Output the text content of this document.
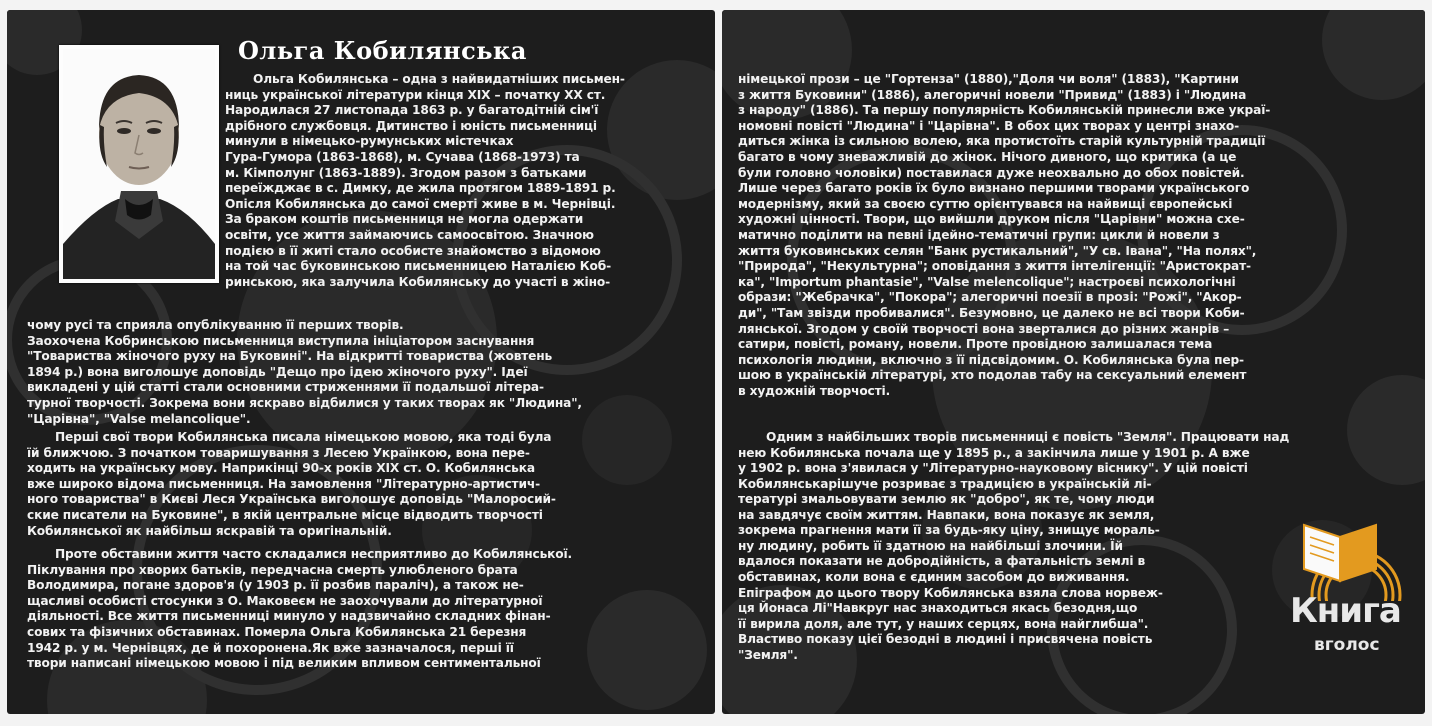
Ольга Кобилянська

Ольга Кобилянська – одна з найвидатніших письмен-
ниць української літератури кінця ХІХ – початку ХХ ст.
Народилася 27 листопада 1863 р. у багатодітній сім'ї
дрібного службовця. Дитинство і юність письменниці
минули в німецько-румунських містечках
Гура-Гумора (1863-1868), м. Сучава (1868-1973) та
м. Кімполунг (1863-1889). Згодом разом з батьками
переїжджає в с. Димку, де жила протягом 1889-1891 р.
Опісля Кобилянська до самої смерті живе в м. Чернівці.
За браком коштів письменниця не могла одержати
освіти, усе життя займаючись самоосвітою. Значною
подією в її житі стало особисте знайомство з відомою
на той час буковинською письменницею Наталією Коб-
ринською, яка залучила Кобилянську до участі в жіно-

чому русі та сприяла опублікуванню її перших творів.
Заохочена Кобринською письменниця виступила ініціатором заснування
"Товариства жіночого руху на Буковині". На відкритті товариства (жовтень
1894 р.) вона виголошує доповідь "Дещо про ідею жіночого руху". Ідеї
викладені у цій статті стали основними стриженнями її подальшої літера-
турної творчості. Зокрема вони яскраво відбилися у таких творах як "Людина",
"Царівна", "Valse melancolique".

Перші свої твори Кобилянська писала німецькою мовою, яка тоді була
їй ближчою. З початком товаришування з Лесею Українкою, вона пере-
ходить на українську мову. Наприкінці 90-х років ХІХ ст. О. Кобилянська
вже широко відома письменниця. На замовлення "Літературно-артистич-
ного товариства" в Києві Леся Українська виголошує доповідь "Малоросий-
ские писатели на Буковине", в якій центральне місце відводить творчості
Кобилянської як найбільш яскравій та оригінальній.

Проте обставини життя часто складалися несприятливо до Кобилянської.
Піклування про хворих батьків, передчасна смерть улюбленого брата
Володимира, погане здоров'я (у 1903 р. її розбив параліч), а також не-
щасливі особисті стосунки з О. Маковеєм не заохочували до літературної
діяльності. Все життя письменниці минуло у надзвичайно складних фінан-
сових та фізичних обставинах. Померла Ольга Кобилянська 21 березня
1942 р. у м. Чернівцях, де й похоронена.Як вже зазначалося, перші її
твори написані німецькою мовою і під великим впливом сентиментальної

німецької прози – це "Гортенза" (1880),"Доля чи воля" (1883), "Картини
з життя Буковини" (1886), алегоричні новели "Привид" (1883) і "Людина
з народу" (1886). Та першу популярність Кобилянській принесли вже украї-
номовні повісті "Людина" і "Царівна". В обох цих творах у центрі знахо-
диться жінка із сильною волею, яка протистоїть старій культурній традиції
багато в чому зневажливій до жінок. Нічого дивного, що критика (а це
були головно чоловіки) поставилася дуже неохвально до обох повістей.
Лише через багато років їх було визнано першими творами українського
модернізму, який за своєю суттю орієнтувався на найвищі європейські
художні цінності. Твори, що вийшли друком після "Царівни" можна схе-
матично поділити на певні ідейно-тематичні групи: цикли й новели з
життя буковинських селян "Банк рустикальний", "У св. Івана", "На полях",
"Природа", "Некультурна"; оповідання з життя інтелігенції: "Аристократ-
ка", "Importum phantasie", "Valse melencolique"; настроєві психологічні
образи: "Жебрачка", "Покора"; алегоричні поезії в прозі: "Рожі", "Акор-
ди", "Там звізди пробивалися". Безумовно, це далеко не всі твори Коби-
лянської. Згодом у своїй творчості вона зверталися до різних жанрів –
сатири, повісті, роману, новели. Проте провідною залишалася тема
психологія людини, включно з її підсвідомим. О. Кобилянська була пер-
шою в українській літературі, хто подолав табу на сексуальний елемент
в художній творчості.

Одним з найбільших творів письменниці є повість "Земля". Працювати над
нею Кобилянська почала ще у 1895 р., а закінчила лише у 1901 р. А вже
у 1902 р. вона з'явилася у "Літературно-науковому віснику". У цій повісті
Кобилянськарішуче розриває з традицією в українській лі-

тературі змальовувати землю як "добро", як те, чому люди
на завдячує своїм життям. Навпаки, вона показує як земля,
зокрема прагнення мати її за будь-яку ціну, знищує мораль-
ну людину, робить її здатною на найбільші злочини. Їй
вдалося показати не добродійність, а фатальність землі в
обставинах, коли вона є єдиним засобом до виживання.
Епіграфом до цього твору Кобилянська взяла слова норвеж-
ця Йонаса Лі"Навкруг нас знаходиться якась безодня,що
її вирила доля, але тут, у наших серцях, вона найглибша".
Властиво показу цієї безодні в людині і присвячена повість
"Земля".

Книга
вголос
